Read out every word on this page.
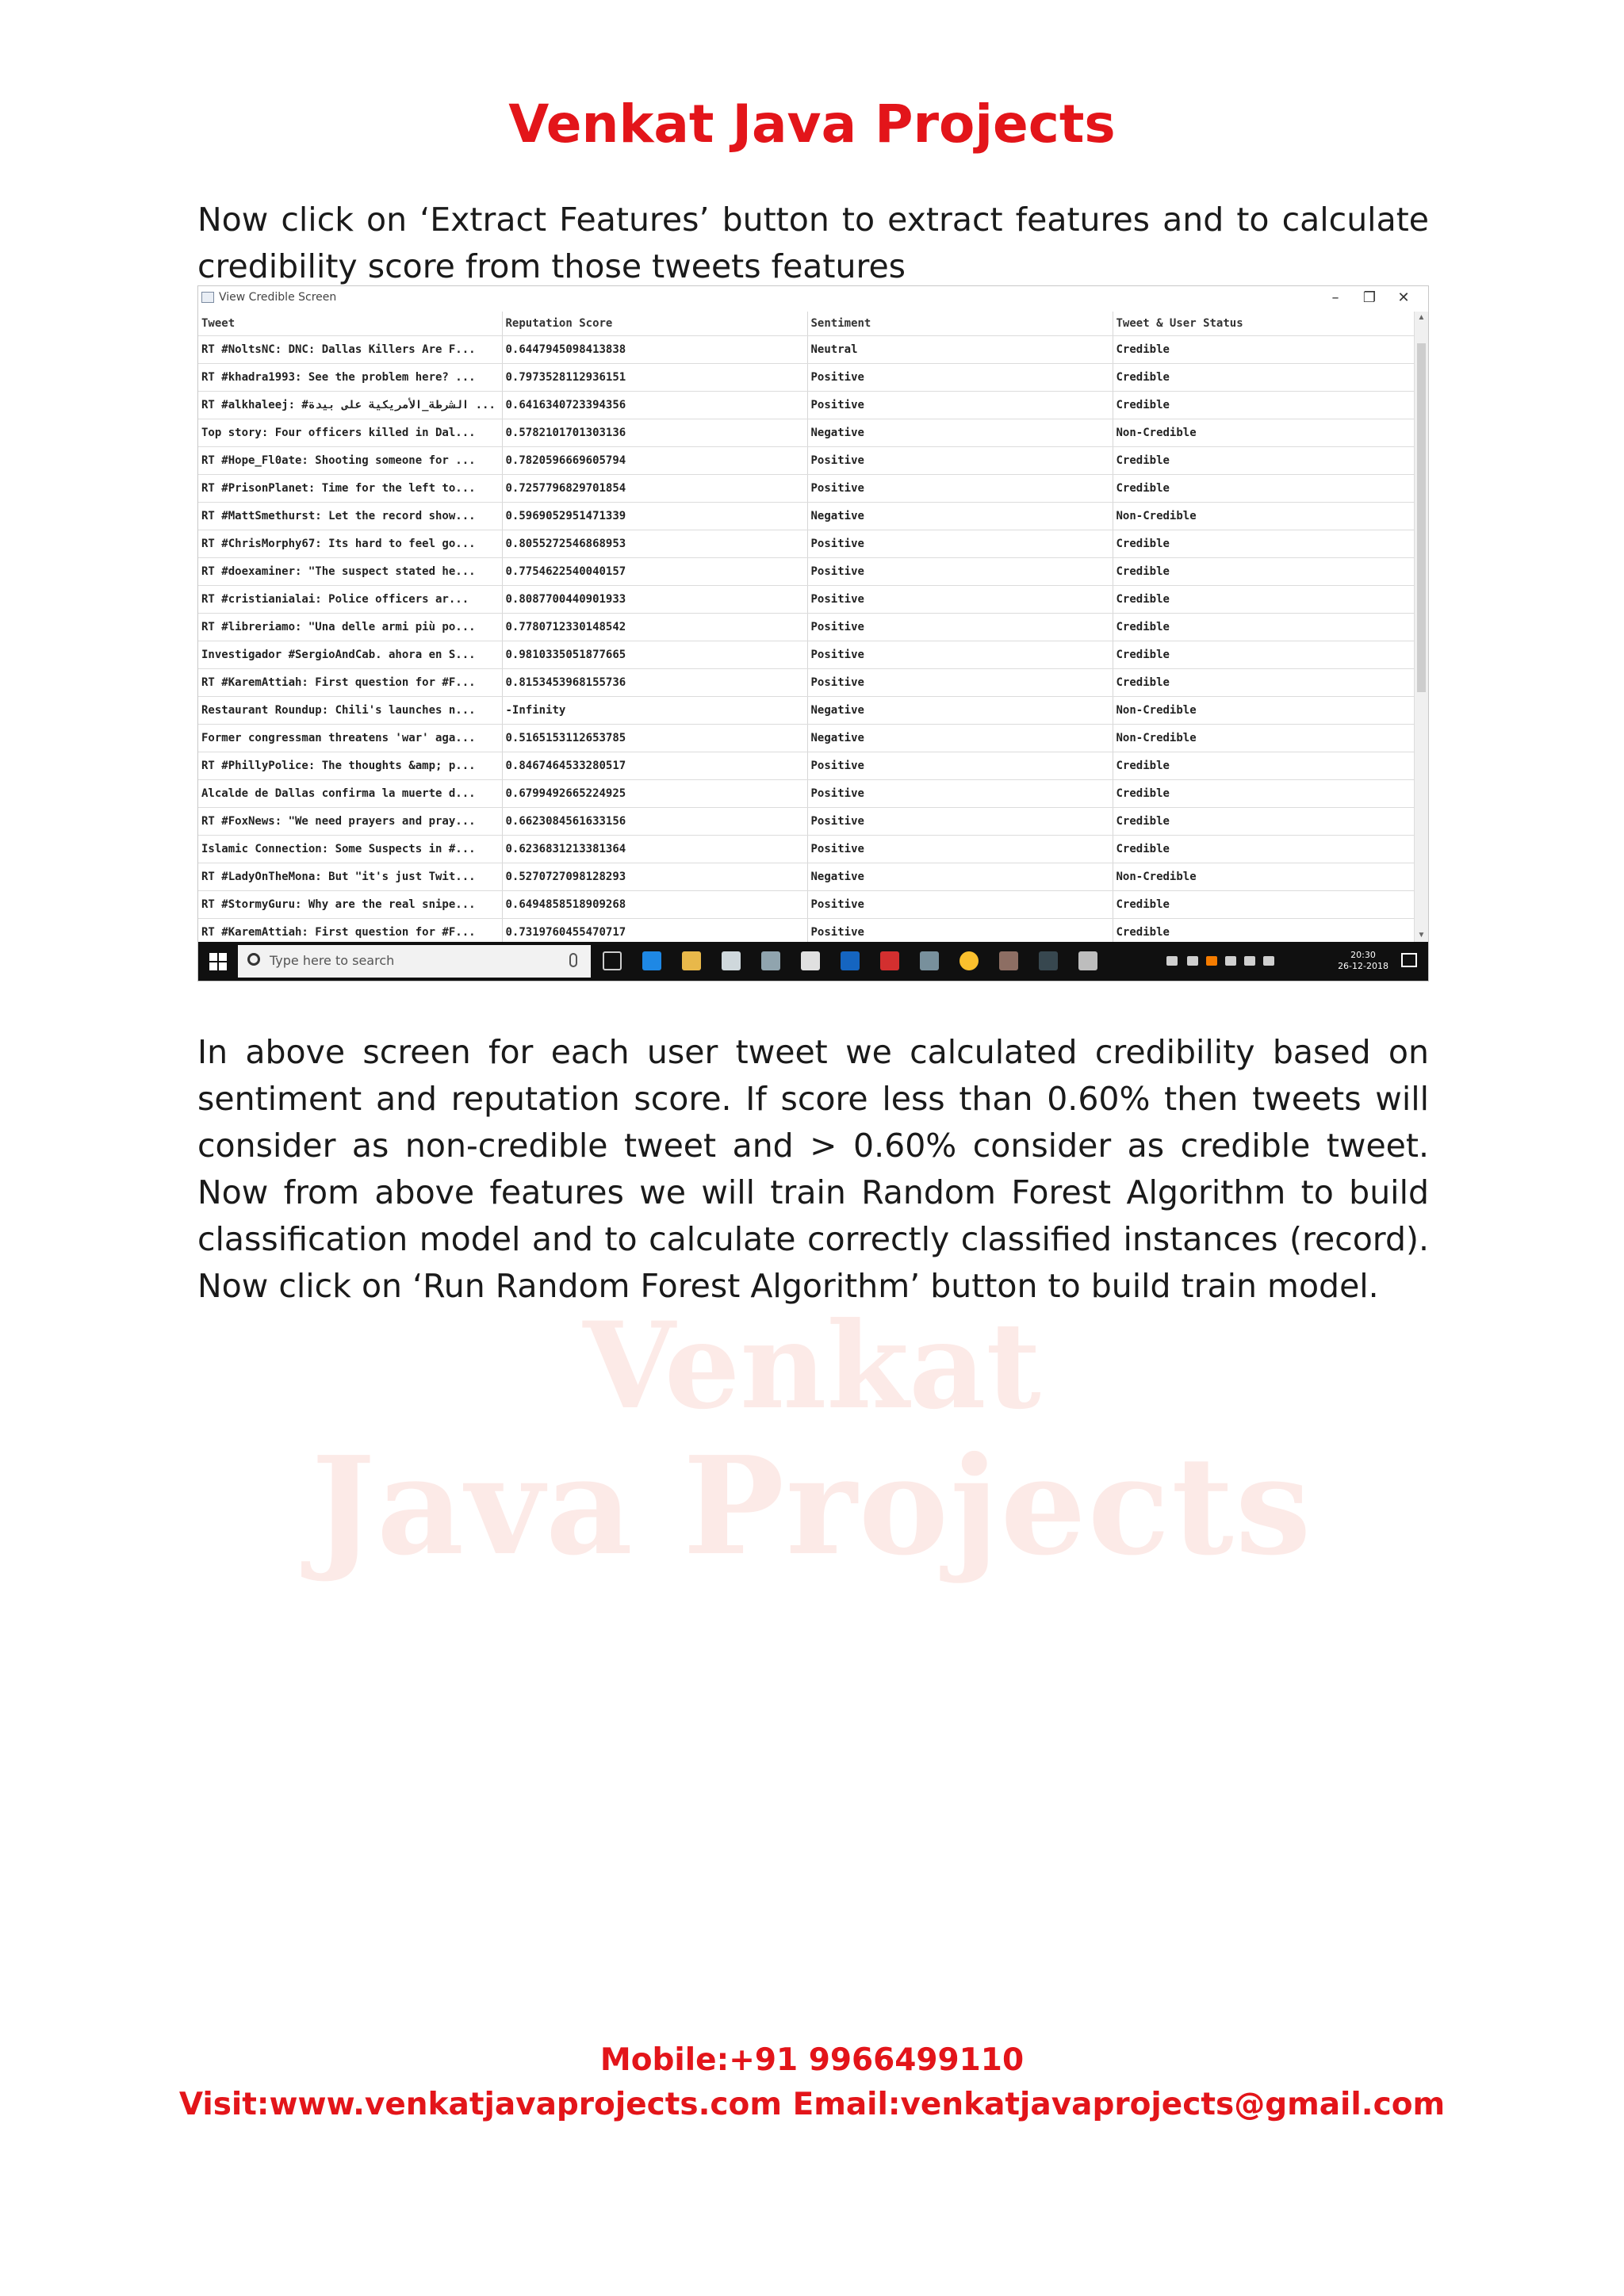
Venkat
Java Projects
Venkat Java Projects

Now click on ‘Extract Features’ button to extract features and to calculate credibility score from those tweets features

View Credible Screen	–	❐	✕
Tweet	Reputation Score	Sentiment	Tweet & User Status
RT #NoltsNC: DNC: Dallas Killers Are F...	0.6447945098413838	Neutral	Credible
RT #khadra1993: See the problem here? ...	0.7973528112936151	Positive	Credible
RT #alkhaleej: #الشرطة_الأمريكية على بيدة ...	0.6416340723394356	Positive	Credible
Top story: Four officers killed in Dal...	0.5782101701303136	Negative	Non-Credible
RT #Hope_Fl0ate: Shooting someone for ...	0.7820596669605794	Positive	Credible
RT #PrisonPlanet: Time for the left to...	0.7257796829701854	Positive	Credible
RT #MattSmethurst: Let the record show...	0.5969052951471339	Negative	Non-Credible
RT #ChrisMorphy67: Its hard to feel go...	0.8055272546868953	Positive	Credible
RT #doexaminer: "The suspect stated he...	0.7754622540040157	Positive	Credible
RT #cristianialai: Police officers ar...	0.8087700440901933	Positive	Credible
RT #libreriamo: "Una delle armi più po...	0.7780712330148542	Positive	Credible
Investigador #SergioAndCab. ahora en S...	0.9810335051877665	Positive	Credible
RT #KaremAttiah: First question for #F...	0.8153453968155736	Positive	Credible
Restaurant Roundup: Chili's launches n...	-Infinity	Negative	Non-Credible
Former congressman threatens 'war' aga...	0.5165153112653785	Negative	Non-Credible
RT #PhillyPolice: The thoughts &amp; p...	0.8467464533280517	Positive	Credible
Alcalde de Dallas confirma la muerte d...	0.6799492665224925	Positive	Credible
RT #FoxNews: "We need prayers and pray...	0.6623084561633156	Positive	Credible
Islamic Connection: Some Suspects in #...	0.6236831213381364	Positive	Credible
RT #LadyOnTheMona: But "it's just Twit...	0.5270727098128293	Negative	Non-Credible
RT #StormyGuru: Why are the real snipe...	0.6494858518909268	Positive	Credible
RT #KaremAttiah: First question for #F...	0.7319760455470717	Positive	Credible

▲
▼
Type here to search	20:30
26-12-2018

In above screen for each user tweet we calculated credibility based on sentiment and reputation score. If score less than 0.60% then tweets will consider as non-credible tweet and > 0.60% consider as credible tweet. Now from above features we will train Random Forest Algorithm to build classification model and to calculate correctly classified instances (record). Now click on ‘Run Random Forest Algorithm’ button to build train model.

Mobile:+91 9966499110

Visit:www.venkatjavaprojects.com Email:venkatjavaprojects@gmail.com
